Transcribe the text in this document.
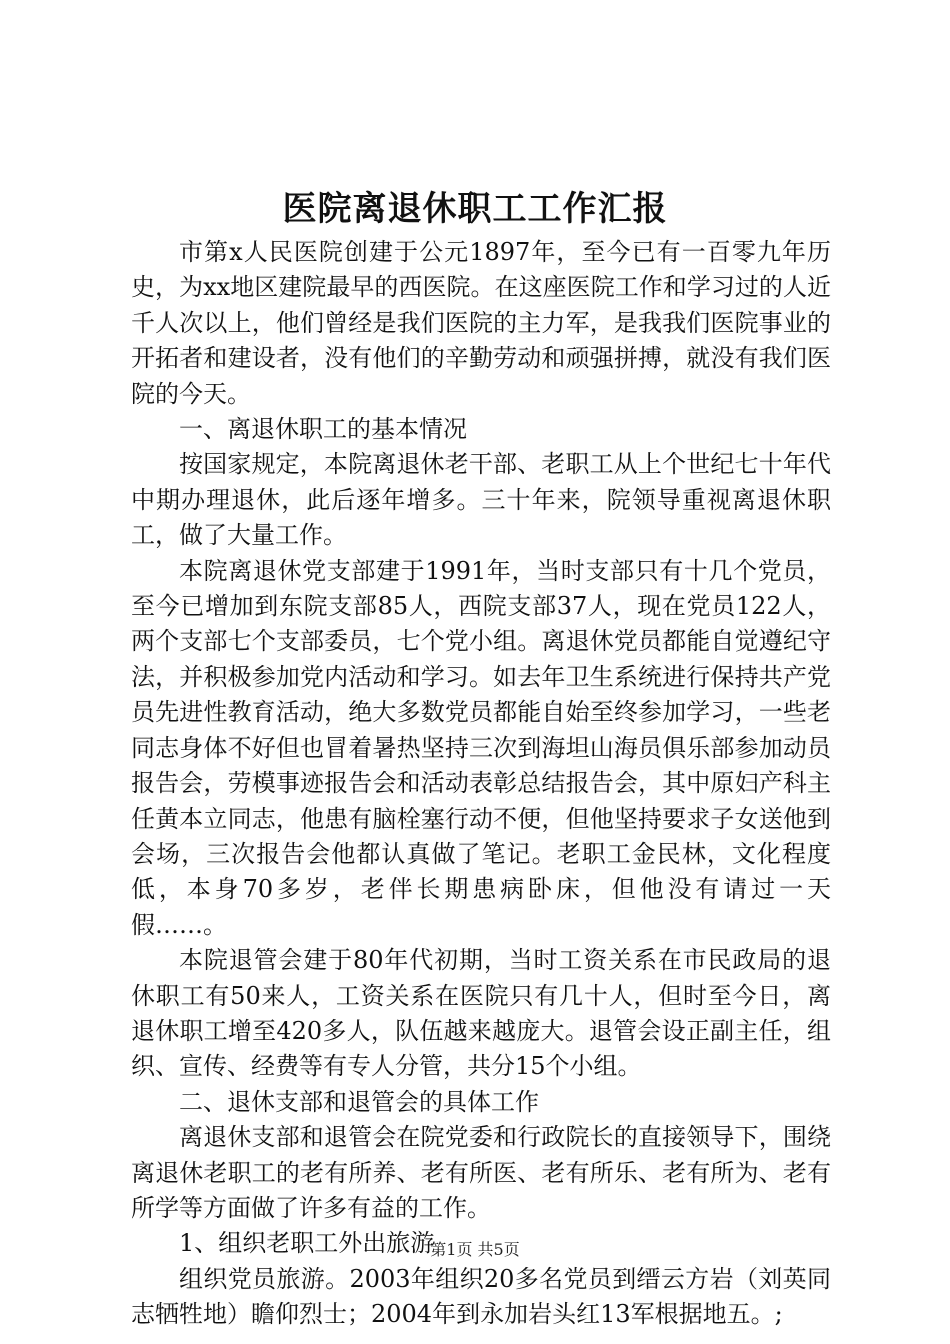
医院离退休职工工作汇报

市第x人民医院创建于公元1897年，至今已有一百零九年历史，为xx地区建院最早的西医院。在这座医院工作和学习过的人近千人次以上，他们曾经是我们医院的主力军，是我我们医院事业的开拓者和建设者，没有他们的辛勤劳动和顽强拼搏，就没有我们医院的今天。

一、离退休职工的基本情况

按国家规定，本院离退休老干部、老职工从上个世纪七十年代中期办理退休，此后逐年增多。三十年来，院领导重视离退休职工，做了大量工作。

本院离退休党支部建于1991年，当时支部只有十几个党员，至今已增加到东院支部85人，西院支部37人，现在党员122人，两个支部七个支部委员，七个党小组。离退休党员都能自觉遵纪守法，并积极参加党内活动和学习。如去年卫生系统进行保持共产党员先进性教育活动，绝大多数党员都能自始至终参加学习，一些老同志身体不好但也冒着暑热坚持三次到海坦山海员俱乐部参加动员报告会，劳模事迹报告会和活动表彰总结报告会，其中原妇产科主任黄本立同志，他患有脑栓塞行动不便，但他坚持要求子女送他到会场，三次报告会他都认真做了笔记。老职工金民林，文化程度低，本身70多岁，老伴长期患病卧床，但他没有请过一天假……。

本院退管会建于80年代初期，当时工资关系在市民政局的退休职工有50来人，工资关系在医院只有几十人，但时至今日，离退休职工增至420多人，队伍越来越庞大。退管会设正副主任，组织、宣传、经费等有专人分管，共分15个小组。

二、退休支部和退管会的具体工作

离退休支部和退管会在院党委和行政院长的直接领导下，围绕离退休老职工的老有所养、老有所医、老有所乐、老有所为、老有所学等方面做了许多有益的工作。

1、组织老职工外出旅游

组织党员旅游。2003年组织20多名党员到缙云方岩（刘英同志牺牲地）瞻仰烈士；2004年到永加岩头红13军根据地五。;

第1页 共5页
